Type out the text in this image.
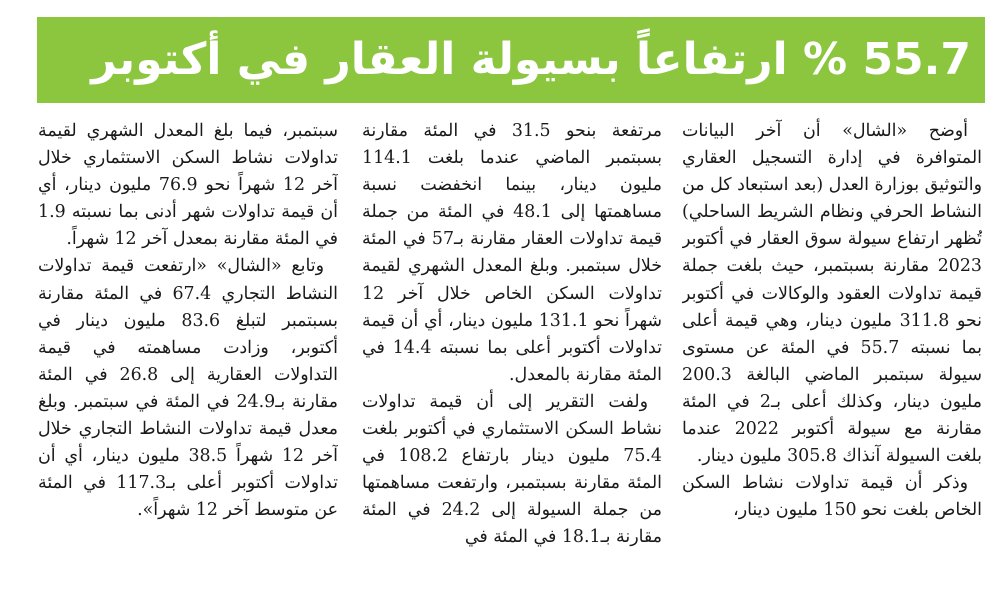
55.7 % ارتفاعاً بسيولة العقار في أكتوبر

أوضح «الشال» أن آخر البيانات المتوافرة في إدارة التسجيل العقاري والتوثيق بوزارة العدل (بعد استبعاد كل من النشاط الحرفي ونظام الشريط الساحلي) تُظهر ارتفاع سيولة سوق العقار في أكتوبر 2023 مقارنة بسبتمبر، حيث بلغت جملة قيمة تداولات العقود والوكالات في أكتوبر نحو 311.8 مليون دينار، وهي قيمة أعلى بما نسبته 55.7 في المئة عن مستوى سيولة سبتمبر الماضي البالغة 200.3 مليون دينار، وكذلك أعلى بـ2 في المئة مقارنة مع سيولة أكتوبر 2022 عندما بلغت السيولة آنذاك 305.8 مليون دينار.

وذكر أن قيمة تداولات نشاط السكن الخاص بلغت نحو 150 مليون دينار،

مرتفعة بنحو 31.5 في المئة مقارنة بسبتمبر الماضي عندما بلغت 114.1 مليون دينار، بينما انخفضت نسبة مساهمتها إلى 48.1 في المئة من جملة قيمة تداولات العقار مقارنة بـ57 في المئة خلال سبتمبر. وبلغ المعدل الشهري لقيمة تداولات السكن الخاص خلال آخر 12 شهراً نحو 131.1 مليون دينار، أي أن قيمة تداولات أكتوبر أعلى بما نسبته 14.4 في المئة مقارنة بالمعدل.

ولفت التقرير إلى أن قيمة تداولات نشاط السكن الاستثماري في أكتوبر بلغت 75.4 مليون دينار بارتفاع 108.2 في المئة مقارنة بسبتمبر، وارتفعت مساهمتها من جملة السيولة إلى 24.2 في المئة مقارنة بـ18.1 في المئة في

سبتمبر، فيما بلغ المعدل الشهري لقيمة تداولات نشاط السكن الاستثماري خلال آخر 12 شهراً نحو 76.9 مليون دينار، أي أن قيمة تداولات شهر أدنى بما نسبته 1.9 في المئة مقارنة بمعدل آخر 12 شهراً.

وتابع «الشال» «ارتفعت قيمة تداولات النشاط التجاري 67.4 في المئة مقارنة بسبتمبر لتبلغ 83.6 مليون دينار في أكتوبر، وزادت مساهمته في قيمة التداولات العقارية إلى 26.8 في المئة مقارنة بـ24.9 في المئة في سبتمبر. وبلغ معدل قيمة تداولات النشاط التجاري خلال آخر 12 شهراً 38.5 مليون دينار، أي أن تداولات أكتوبر أعلى بـ117.3 في المئة عن متوسط آخر 12 شهراً».
